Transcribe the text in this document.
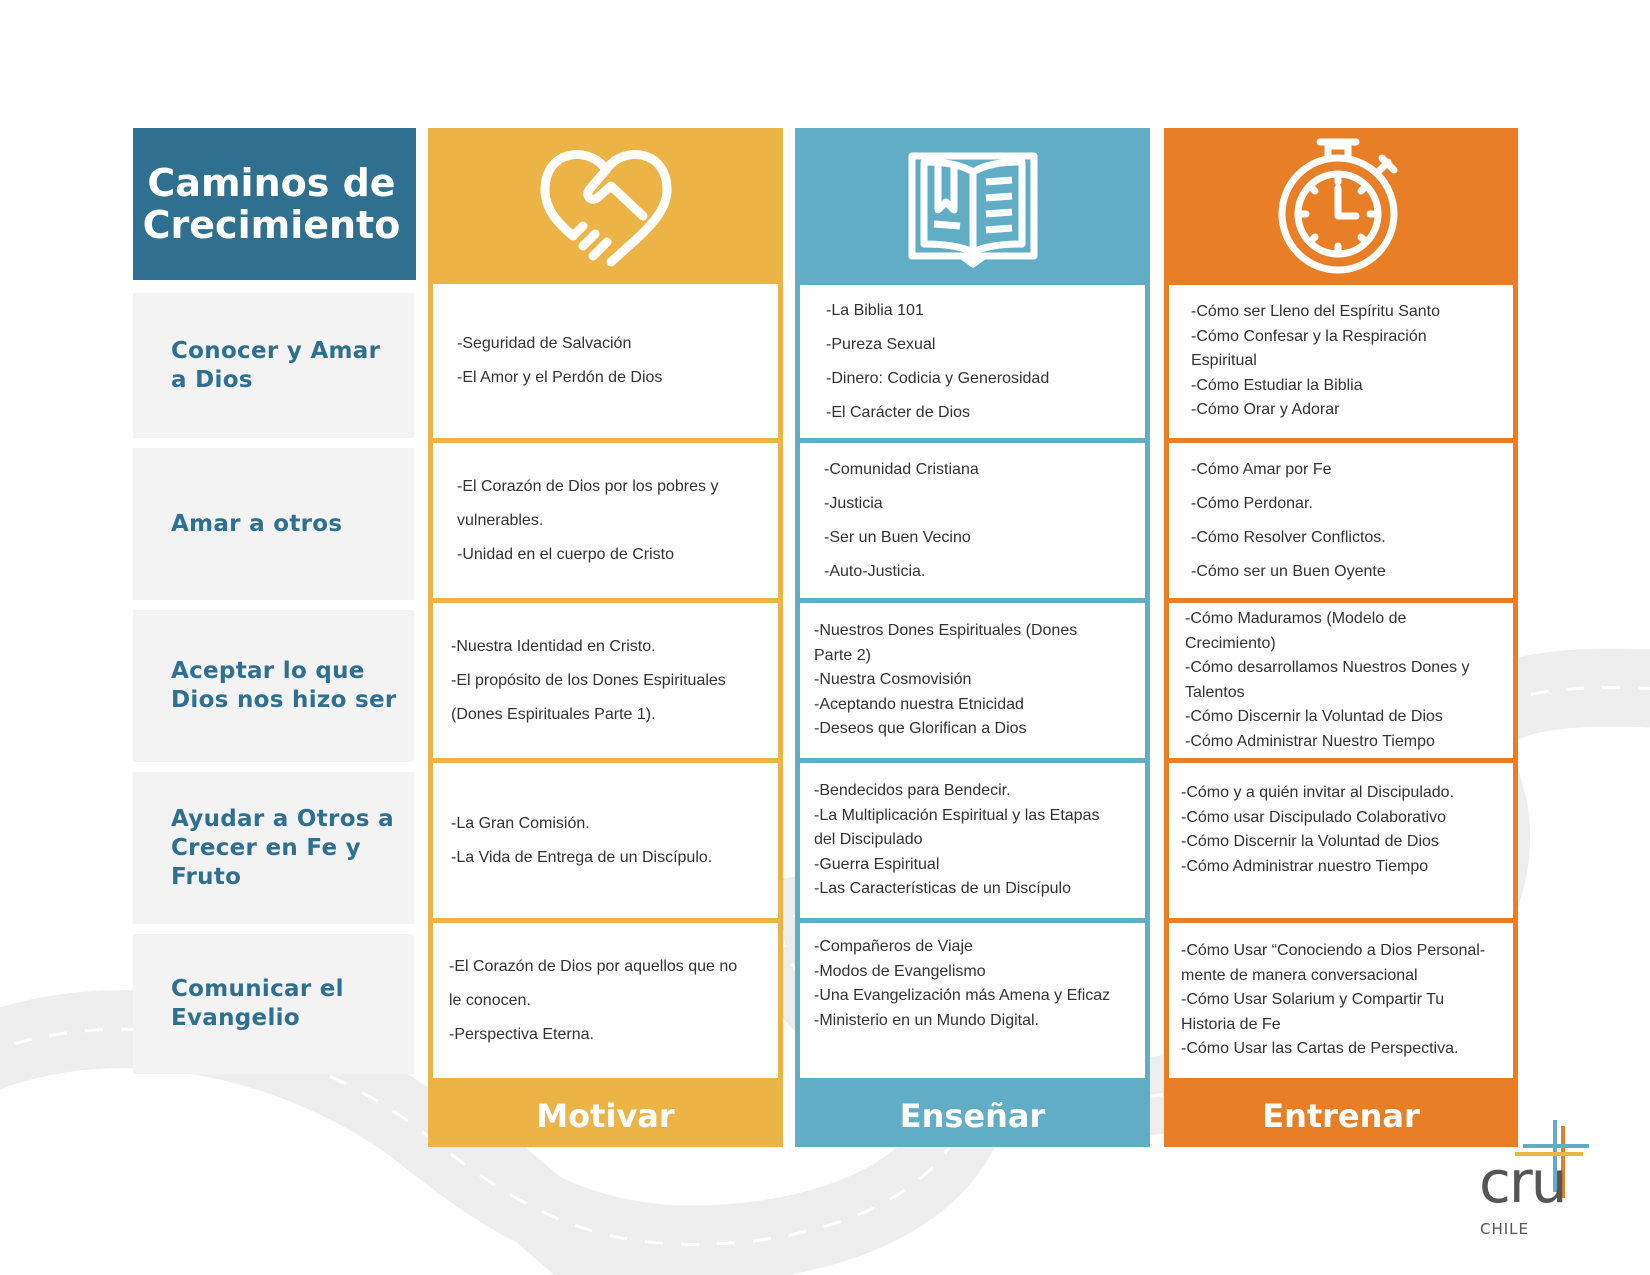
Caminos de Crecimiento
Conocer y Amar a Dios
Amar a otros
Aceptar lo que Dios nos hizo ser
Ayudar a Otros a Crecer en Fe y Fruto
Comunicar el Evangelio
-Seguridad de Salvación
-El Amor y el Perdón de Dios
-El Corazón de Dios por los pobres y
vulnerables.
-Unidad en el cuerpo de Cristo
-Nuestra Identidad en Cristo.
-El propósito de los Dones Espirituales
(Dones Espirituales Parte 1).
-La Gran Comisión.
-La Vida de Entrega de un Discípulo.
-El Corazón de Dios por aquellos que no
le conocen.
-Perspectiva Eterna.
Motivar
-La Biblia 101
-Pureza Sexual
-Dinero: Codicia y Generosidad
-El Carácter de Dios
-Comunidad Cristiana
-Justicia
-Ser un Buen Vecino
-Auto-Justicia.
-Nuestros Dones Espirituales (Dones
Parte 2)
-Nuestra Cosmovisión
-Aceptando nuestra Etnicidad
-Deseos que Glorifican a Dios
-Bendecidos para Bendecir.
-La Multiplicación Espiritual y las Etapas
del Discipulado
-Guerra Espiritual
-Las Características de un Discípulo
-Compañeros de Viaje
-Modos de Evangelismo
-Una Evangelización más Amena y Eficaz
-Ministerio en un Mundo Digital.
Enseñar
-Cómo ser Lleno del Espíritu Santo
-Cómo Confesar y la Respiración
Espiritual
-Cómo Estudiar la Biblia
-Cómo Orar y Adorar
-Cómo Amar por Fe
-Cómo Perdonar.
-Cómo Resolver Conflictos.
-Cómo ser un Buen Oyente
-Cómo Maduramos (Modelo de
Crecimiento)
-Cómo desarrollamos Nuestros Dones y
Talentos
-Cómo Discernir la Voluntad de Dios
-Cómo Administrar Nuestro Tiempo
-Cómo y a quién invitar al Discipulado.
-Cómo usar Discipulado Colaborativo
-Cómo Discernir la Voluntad de Dios
-Cómo Administrar nuestro Tiempo
-Cómo Usar “Conociendo a Dios Personal-
mente de manera conversacional
-Cómo Usar Solarium y Compartir Tu
Historia de Fe
-Cómo Usar las Cartas de Perspectiva.
Entrenar
cru
CHILE
